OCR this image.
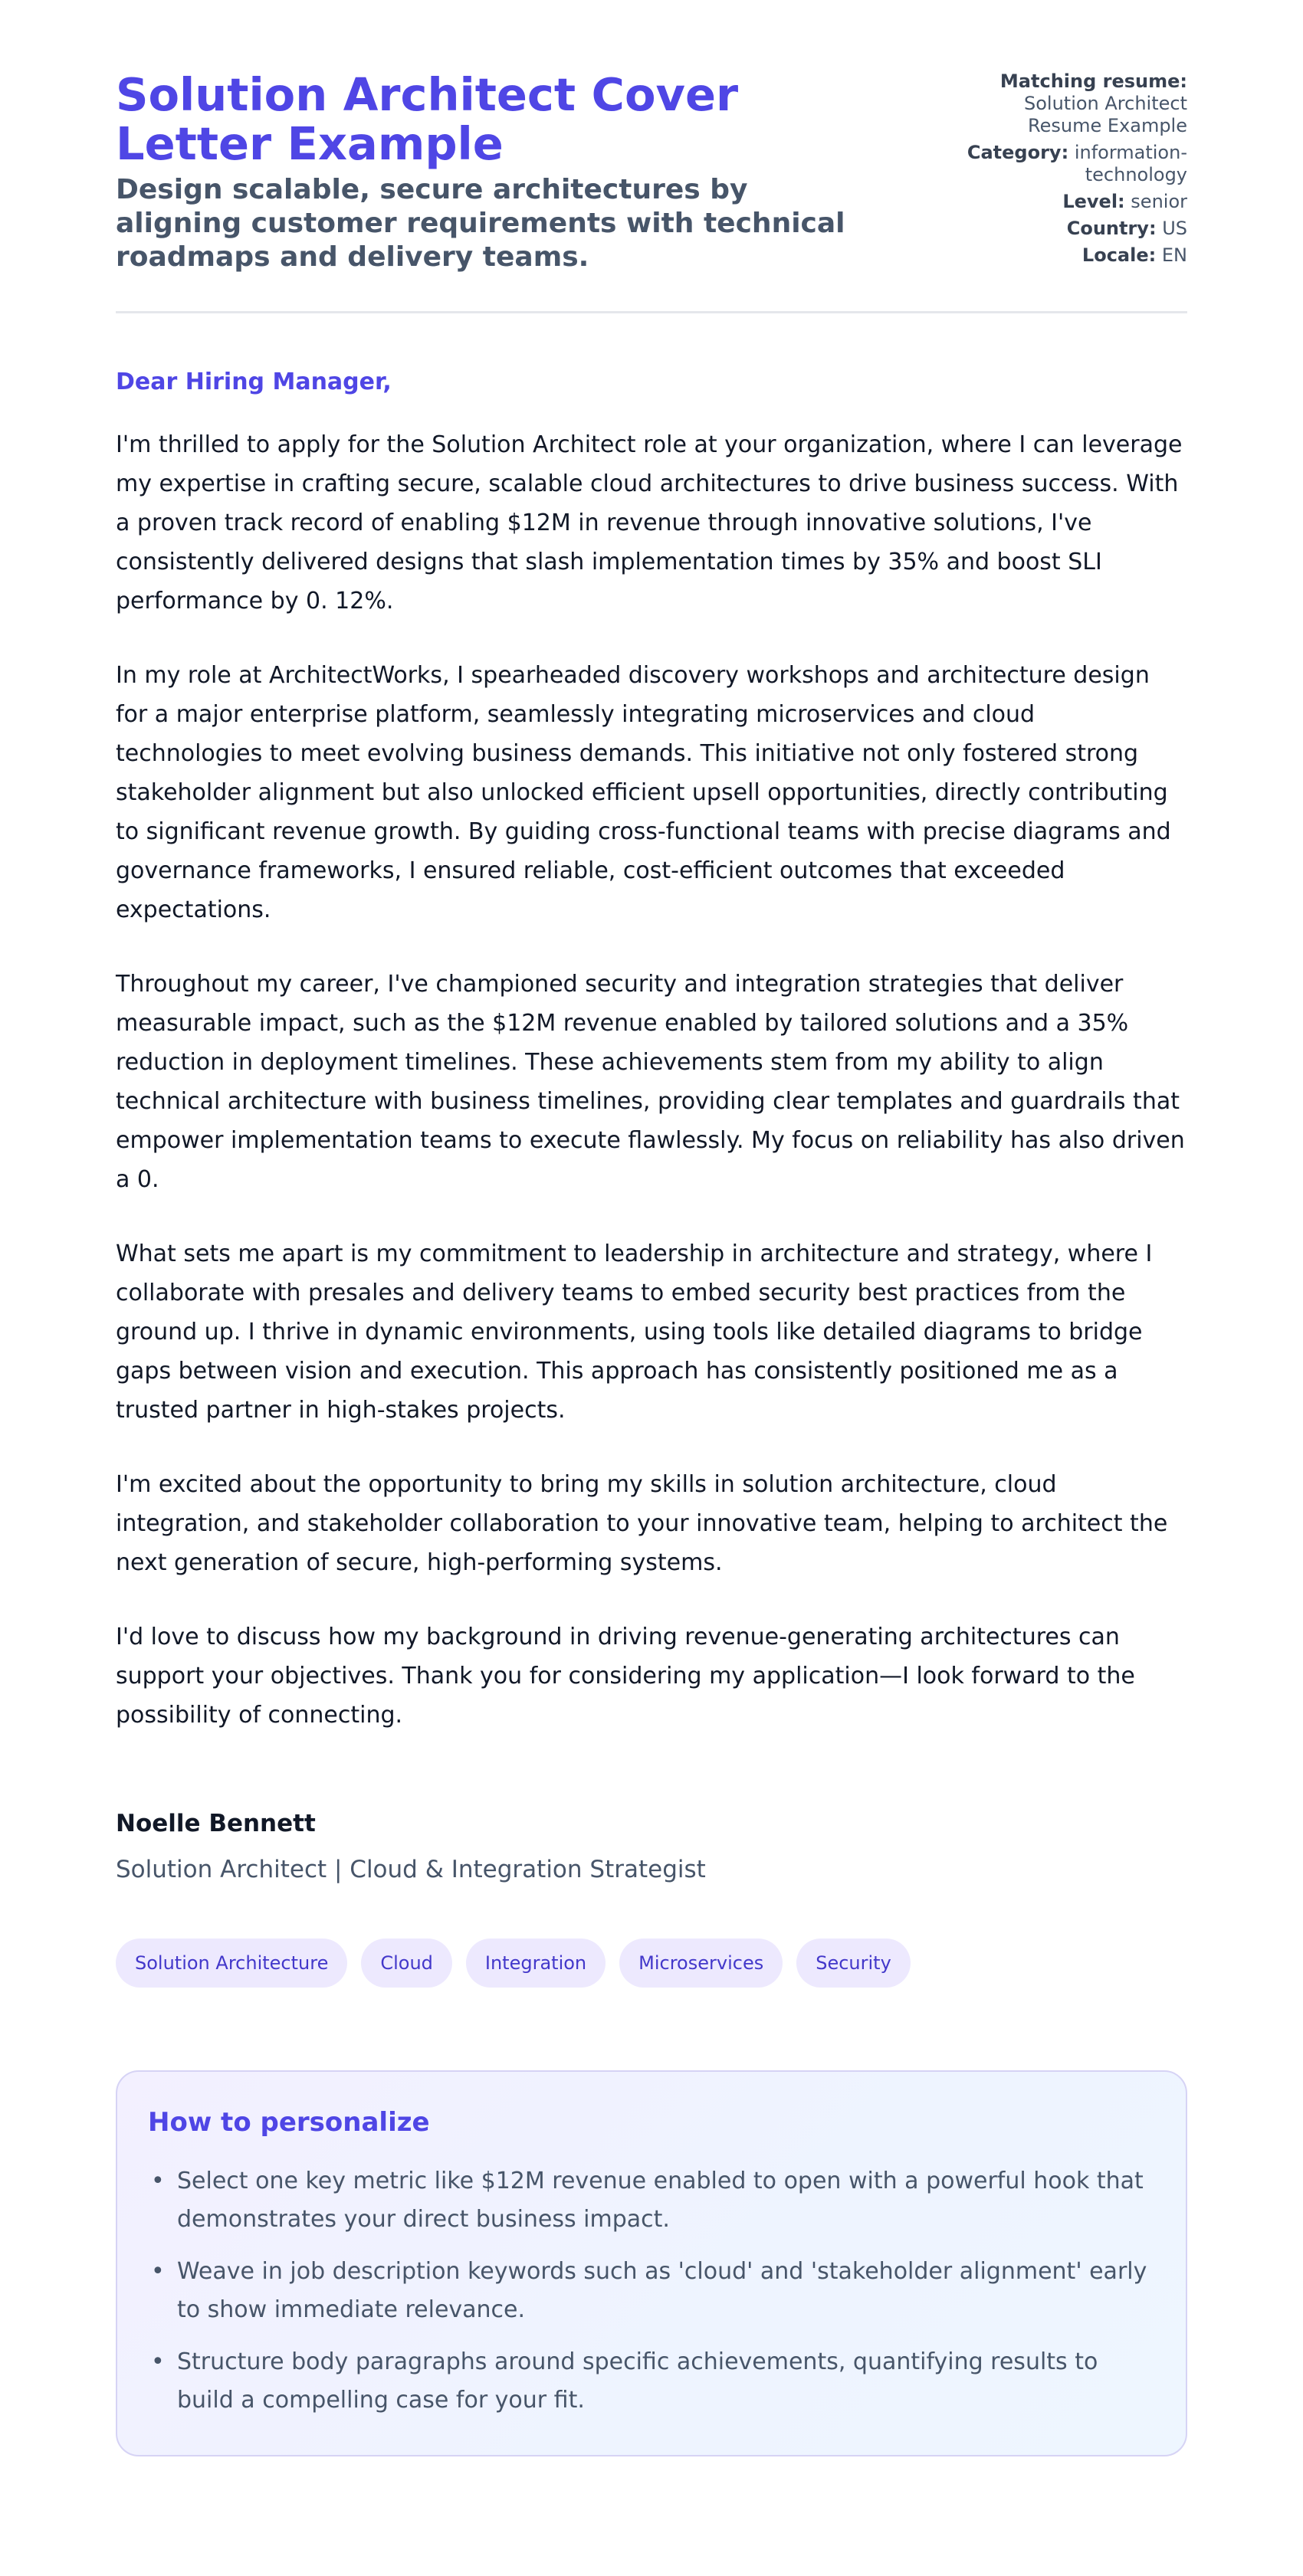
Solution Architect Cover Letter Example
Design scalable, secure architectures by aligning customer requirements with technical roadmaps and delivery teams.
Matching resume: Solution Architect Resume Example
Category: information-technology
Level: senior
Country: US
Locale: EN

Dear Hiring Manager,

I'm thrilled to apply for the Solution Architect role at your organization, where I can leverage my expertise in crafting secure, scalable cloud architectures to drive business success. With a proven track record of enabling $12M in revenue through innovative solutions, I've consistently delivered designs that slash implementation times by 35% and boost SLI performance by 0. 12%.

In my role at ArchitectWorks, I spearheaded discovery workshops and architecture design for a major enterprise platform, seamlessly integrating microservices and cloud technologies to meet evolving business demands. This initiative not only fostered strong stakeholder alignment but also unlocked efficient upsell opportunities, directly contributing to significant revenue growth. By guiding cross-functional teams with precise diagrams and governance frameworks, I ensured reliable, cost-efficient outcomes that exceeded expectations.

Throughout my career, I've championed security and integration strategies that deliver measurable impact, such as the $12M revenue enabled by tailored solutions and a 35% reduction in deployment timelines. These achievements stem from my ability to align technical architecture with business timelines, providing clear templates and guardrails that empower implementation teams to execute flawlessly. My focus on reliability has also driven a 0.

What sets me apart is my commitment to leadership in architecture and strategy, where I collaborate with presales and delivery teams to embed security best practices from the ground up. I thrive in dynamic environments, using tools like detailed diagrams to bridge gaps between vision and execution. This approach has consistently positioned me as a trusted partner in high-stakes projects.

I'm excited about the opportunity to bring my skills in solution architecture, cloud integration, and stakeholder collaboration to your innovative team, helping to architect the next generation of secure, high-performing systems.

I'd love to discuss how my background in driving revenue-generating architectures can support your objectives. Thank you for considering my application—I look forward to the possibility of connecting.

Noelle Bennett
Solution Architect | Cloud & Integration Strategist
Solution Architecture	Cloud	Integration	Microservices	Security
How to personalize
• Select one key metric like $12M revenue enabled to open with a powerful hook that demonstrates your direct business impact.
• Weave in job description keywords such as 'cloud' and 'stakeholder alignment' early to show immediate relevance.
• Structure body paragraphs around specific achievements, quantifying results to build a compelling case for your fit.
